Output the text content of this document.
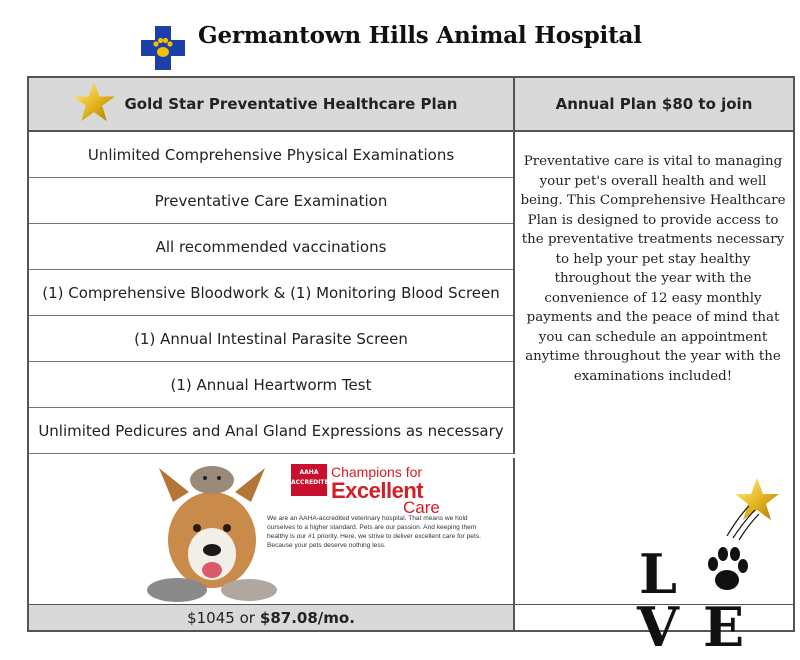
Germantown Hills Animal Hospital
Gold Star Preventative Healthcare Plan	Annual Plan $80 to join
Unlimited Comprehensive Physical Examinations
Preventative Care Examination
All recommended vaccinations
(1) Comprehensive Bloodwork & (1) Monitoring Blood Screen
(1) Annual Intestinal Parasite Screen
(1) Annual Heartworm Test
Unlimited Pedicures and Anal Gland Expressions as necessary
AAHA ACCREDITED
Champions for
Excellent
Care
We are an AAHA-accredited veterinary hospital. That means we hold ourselves to a higher standard. Pets are our passion. And keeping them healthy is our #1 priority. Here, we strive to deliver excellent care for pets. Because your pets deserve nothing less.
$1045 or $87.08/mo.
Preventative care is vital to managing your pet's overall health and well being. This Comprehensive Healthcare Plan is designed to provide access to the preventative treatments necessary to help your pet stay healthy throughout the year with the convenience of 12 easy monthly payments and the peace of mind that you can schedule an appointment anytime throughout the year with the examinations included!
L
V E
